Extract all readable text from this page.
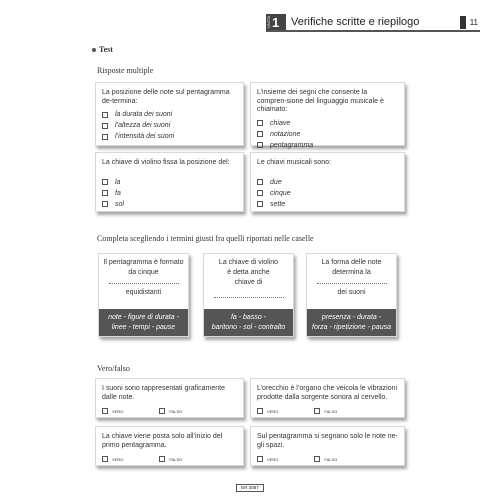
UNITÀ 1 Verifiche scritte e riepilogo	11
Test
Risposte multiple
La posizione delle note sul pentagramma de-terminа:
la durata dei suoni
l’altezza dei suoni
l’intensità dei suoni
L’insieme dei segni che consente la compren-sione del linguaggio musicale è chiamato:
chiave
notazione
pentagramma
La chiave di violino fissa la posizione del:
la
fa
sol
Le chiavi musicali sono:
due
cinque
sette
Completa scegliendo i termini giusti fra quelli riportati nelle caselle
Il pentagramma è formato
da cinque
equidistanti
note - figure di durata -
linee - tempi - pause
La chiave di violino
è detta anche
chiave di
fa - basso -
baritono - sol - contralto
La forma delle note
determina la
dei suoni
presenza - durata -
forza - ripetizione - pausa
Vero/falso
I suoni sono rappresentati graficamente dalle note.
VERO	FALSO
L’orecchio è l’organo che veicola le vibrazioni prodotte dalla sorgente sonora al cervello.
VERO	FALSO
La chiave viene posta solo all’inizio del primo pentagramma.
VERO	FALSO
Sul pentagramma si segnano solo le note ne-gli spazi.
VERO	FALSO
ER 3087
